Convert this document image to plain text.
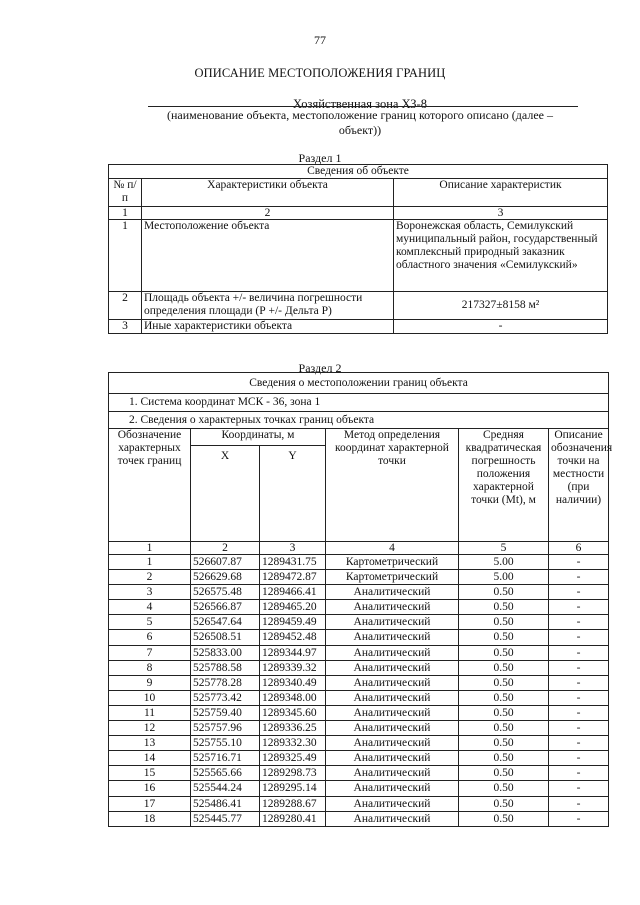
77
ОПИСАНИЕ МЕСТОПОЛОЖЕНИЯ ГРАНИЦ
Хозяйственная зона ХЗ-8
(наименование объекта, местоположение границ которого описано (далее –
объект))
Раздел 1
Сведения об объекте		
№ п/п	Характеристики объекта	Описание характеристик
1	2	3
1	Местоположение объекта	Воронежская область, Семилукский муниципальный район, государственный комплексный природный заказник областного значения «Семилукский»
2	Площадь объекта +/- величина погрешности определения площади (Р +/- Дельта Р)	217327±8158 м²
3	Иные характеристики объекта	-
Раздел 2
Сведения о местоположении границ объекта					
1. Система координат МСК - 36, зона 1					
2. Сведения о характерных точках границ объекта					
Обозначение характерных точек границ	Координаты, м		Метод определения координат характерной точки	Средняя квадратическая погрешность положения характерной точки (Mt), м	Описание обозначения точки на местности (при наличии)
	X	Y			
1	2	3	4	5	6
1	526607.87	1289431.75	Картометрический	5.00	-
2	526629.68	1289472.87	Картометрический	5.00	-
3	526575.48	1289466.41	Аналитический	0.50	-
4	526566.87	1289465.20	Аналитический	0.50	-
5	526547.64	1289459.49	Аналитический	0.50	-
6	526508.51	1289452.48	Аналитический	0.50	-
7	525833.00	1289344.97	Аналитический	0.50	-
8	525788.58	1289339.32	Аналитический	0.50	-
9	525778.28	1289340.49	Аналитический	0.50	-
10	525773.42	1289348.00	Аналитический	0.50	-
11	525759.40	1289345.60	Аналитический	0.50	-
12	525757.96	1289336.25	Аналитический	0.50	-
13	525755.10	1289332.30	Аналитический	0.50	-
14	525716.71	1289325.49	Аналитический	0.50	-
15	525565.66	1289298.73	Аналитический	0.50	-
16	525544.24	1289295.14	Аналитический	0.50	-
17	525486.41	1289288.67	Аналитический	0.50	-
18	525445.77	1289280.41	Аналитический	0.50	-
